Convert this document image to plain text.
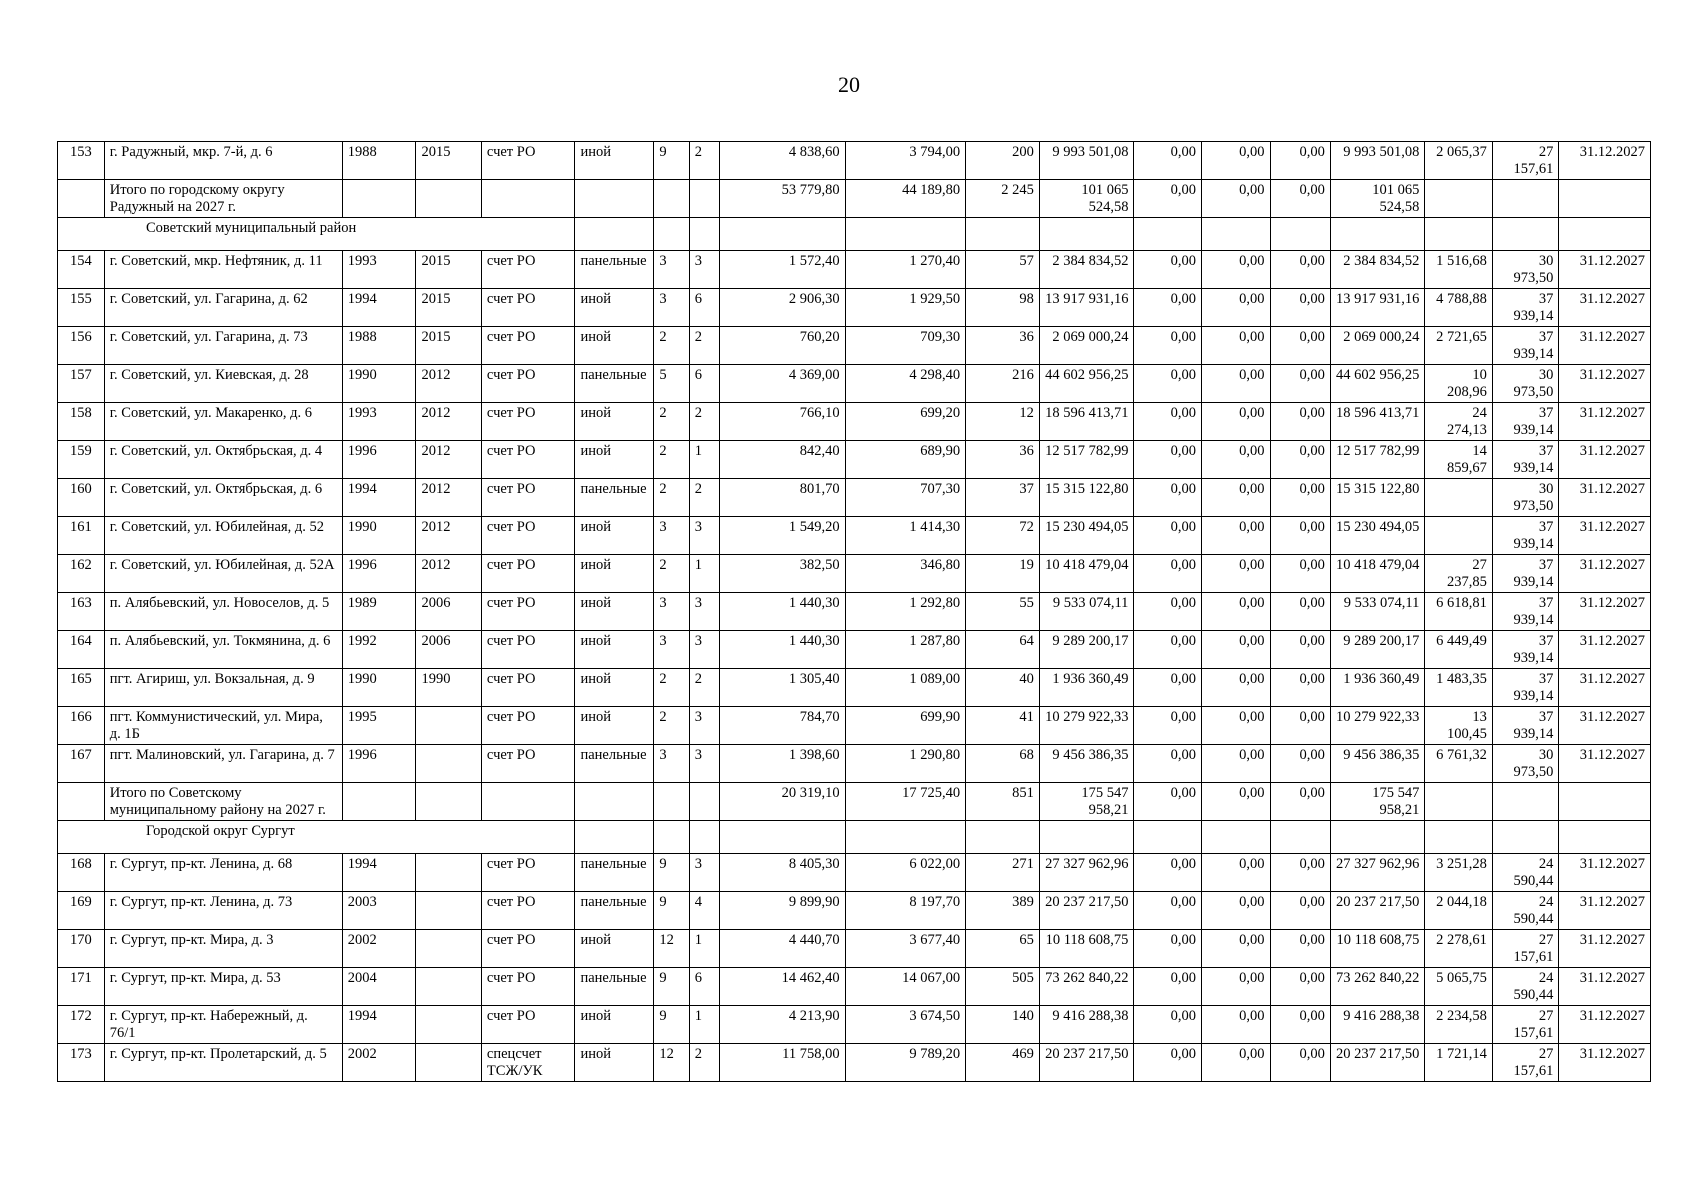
20
153	г. Радужный, мкр. 7-й, д. 6	1988	2015	счет РО	иной	9	2	4 838,60	3 794,00	200	9 993 501,08	0,00	0,00	0,00	9 993 501,08	2 065,37	27 157,61	31.12.2027
	Итого по городскому округу Радужный на 2027 г.							53 779,80	44 189,80	2 245	101 065 524,58	0,00	0,00	0,00	101 065 524,58			
Советский муниципальный район																		
154	г. Советский, мкр. Нефтяник, д. 11	1993	2015	счет РО	панельные	3	3	1 572,40	1 270,40	57	2 384 834,52	0,00	0,00	0,00	2 384 834,52	1 516,68	30 973,50	31.12.2027
155	г. Советский, ул. Гагарина, д. 62	1994	2015	счет РО	иной	3	6	2 906,30	1 929,50	98	13 917 931,16	0,00	0,00	0,00	13 917 931,16	4 788,88	37 939,14	31.12.2027
156	г. Советский, ул. Гагарина, д. 73	1988	2015	счет РО	иной	2	2	760,20	709,30	36	2 069 000,24	0,00	0,00	0,00	2 069 000,24	2 721,65	37 939,14	31.12.2027
157	г. Советский, ул. Киевская, д. 28	1990	2012	счет РО	панельные	5	6	4 369,00	4 298,40	216	44 602 956,25	0,00	0,00	0,00	44 602 956,25	10 208,96	30 973,50	31.12.2027
158	г. Советский, ул. Макаренко, д. 6	1993	2012	счет РО	иной	2	2	766,10	699,20	12	18 596 413,71	0,00	0,00	0,00	18 596 413,71	24 274,13	37 939,14	31.12.2027
159	г. Советский, ул. Октябрьская, д. 4	1996	2012	счет РО	иной	2	1	842,40	689,90	36	12 517 782,99	0,00	0,00	0,00	12 517 782,99	14 859,67	37 939,14	31.12.2027
160	г. Советский, ул. Октябрьская, д. 6	1994	2012	счет РО	панельные	2	2	801,70	707,30	37	15 315 122,80	0,00	0,00	0,00	15 315 122,80		30 973,50	31.12.2027
161	г. Советский, ул. Юбилейная, д. 52	1990	2012	счет РО	иной	3	3	1 549,20	1 414,30	72	15 230 494,05	0,00	0,00	0,00	15 230 494,05		37 939,14	31.12.2027
162	г. Советский, ул. Юбилейная, д. 52А	1996	2012	счет РО	иной	2	1	382,50	346,80	19	10 418 479,04	0,00	0,00	0,00	10 418 479,04	27 237,85	37 939,14	31.12.2027
163	п. Алябьевский, ул. Новоселов, д. 5	1989	2006	счет РО	иной	3	3	1 440,30	1 292,80	55	9 533 074,11	0,00	0,00	0,00	9 533 074,11	6 618,81	37 939,14	31.12.2027
164	п. Алябьевский, ул. Токмянина, д. 6	1992	2006	счет РО	иной	3	3	1 440,30	1 287,80	64	9 289 200,17	0,00	0,00	0,00	9 289 200,17	6 449,49	37 939,14	31.12.2027
165	пгт. Агириш, ул. Вокзальная, д. 9	1990	1990	счет РО	иной	2	2	1 305,40	1 089,00	40	1 936 360,49	0,00	0,00	0,00	1 936 360,49	1 483,35	37 939,14	31.12.2027
166	пгт. Коммунистический, ул. Мира, д. 1Б	1995		счет РО	иной	2	3	784,70	699,90	41	10 279 922,33	0,00	0,00	0,00	10 279 922,33	13 100,45	37 939,14	31.12.2027
167	пгт. Малиновский, ул. Гагарина, д. 7	1996		счет РО	панельные	3	3	1 398,60	1 290,80	68	9 456 386,35	0,00	0,00	0,00	9 456 386,35	6 761,32	30 973,50	31.12.2027
	Итого по Советскому муниципальному району на 2027 г.							20 319,10	17 725,40	851	175 547 958,21	0,00	0,00	0,00	175 547 958,21			
Городской округ Сургут																		
168	г. Сургут, пр-кт. Ленина, д. 68	1994		счет РО	панельные	9	3	8 405,30	6 022,00	271	27 327 962,96	0,00	0,00	0,00	27 327 962,96	3 251,28	24 590,44	31.12.2027
169	г. Сургут, пр-кт. Ленина, д. 73	2003		счет РО	панельные	9	4	9 899,90	8 197,70	389	20 237 217,50	0,00	0,00	0,00	20 237 217,50	2 044,18	24 590,44	31.12.2027
170	г. Сургут, пр-кт. Мира, д. 3	2002		счет РО	иной	12	1	4 440,70	3 677,40	65	10 118 608,75	0,00	0,00	0,00	10 118 608,75	2 278,61	27 157,61	31.12.2027
171	г. Сургут, пр-кт. Мира, д. 53	2004		счет РО	панельные	9	6	14 462,40	14 067,00	505	73 262 840,22	0,00	0,00	0,00	73 262 840,22	5 065,75	24 590,44	31.12.2027
172	г. Сургут, пр-кт. Набережный, д. 76/1	1994		счет РО	иной	9	1	4 213,90	3 674,50	140	9 416 288,38	0,00	0,00	0,00	9 416 288,38	2 234,58	27 157,61	31.12.2027
173	г. Сургут, пр-кт. Пролетарский, д. 5	2002		спецсчет ТСЖ/УК	иной	12	2	11 758,00	9 789,20	469	20 237 217,50	0,00	0,00	0,00	20 237 217,50	1 721,14	27 157,61	31.12.2027
